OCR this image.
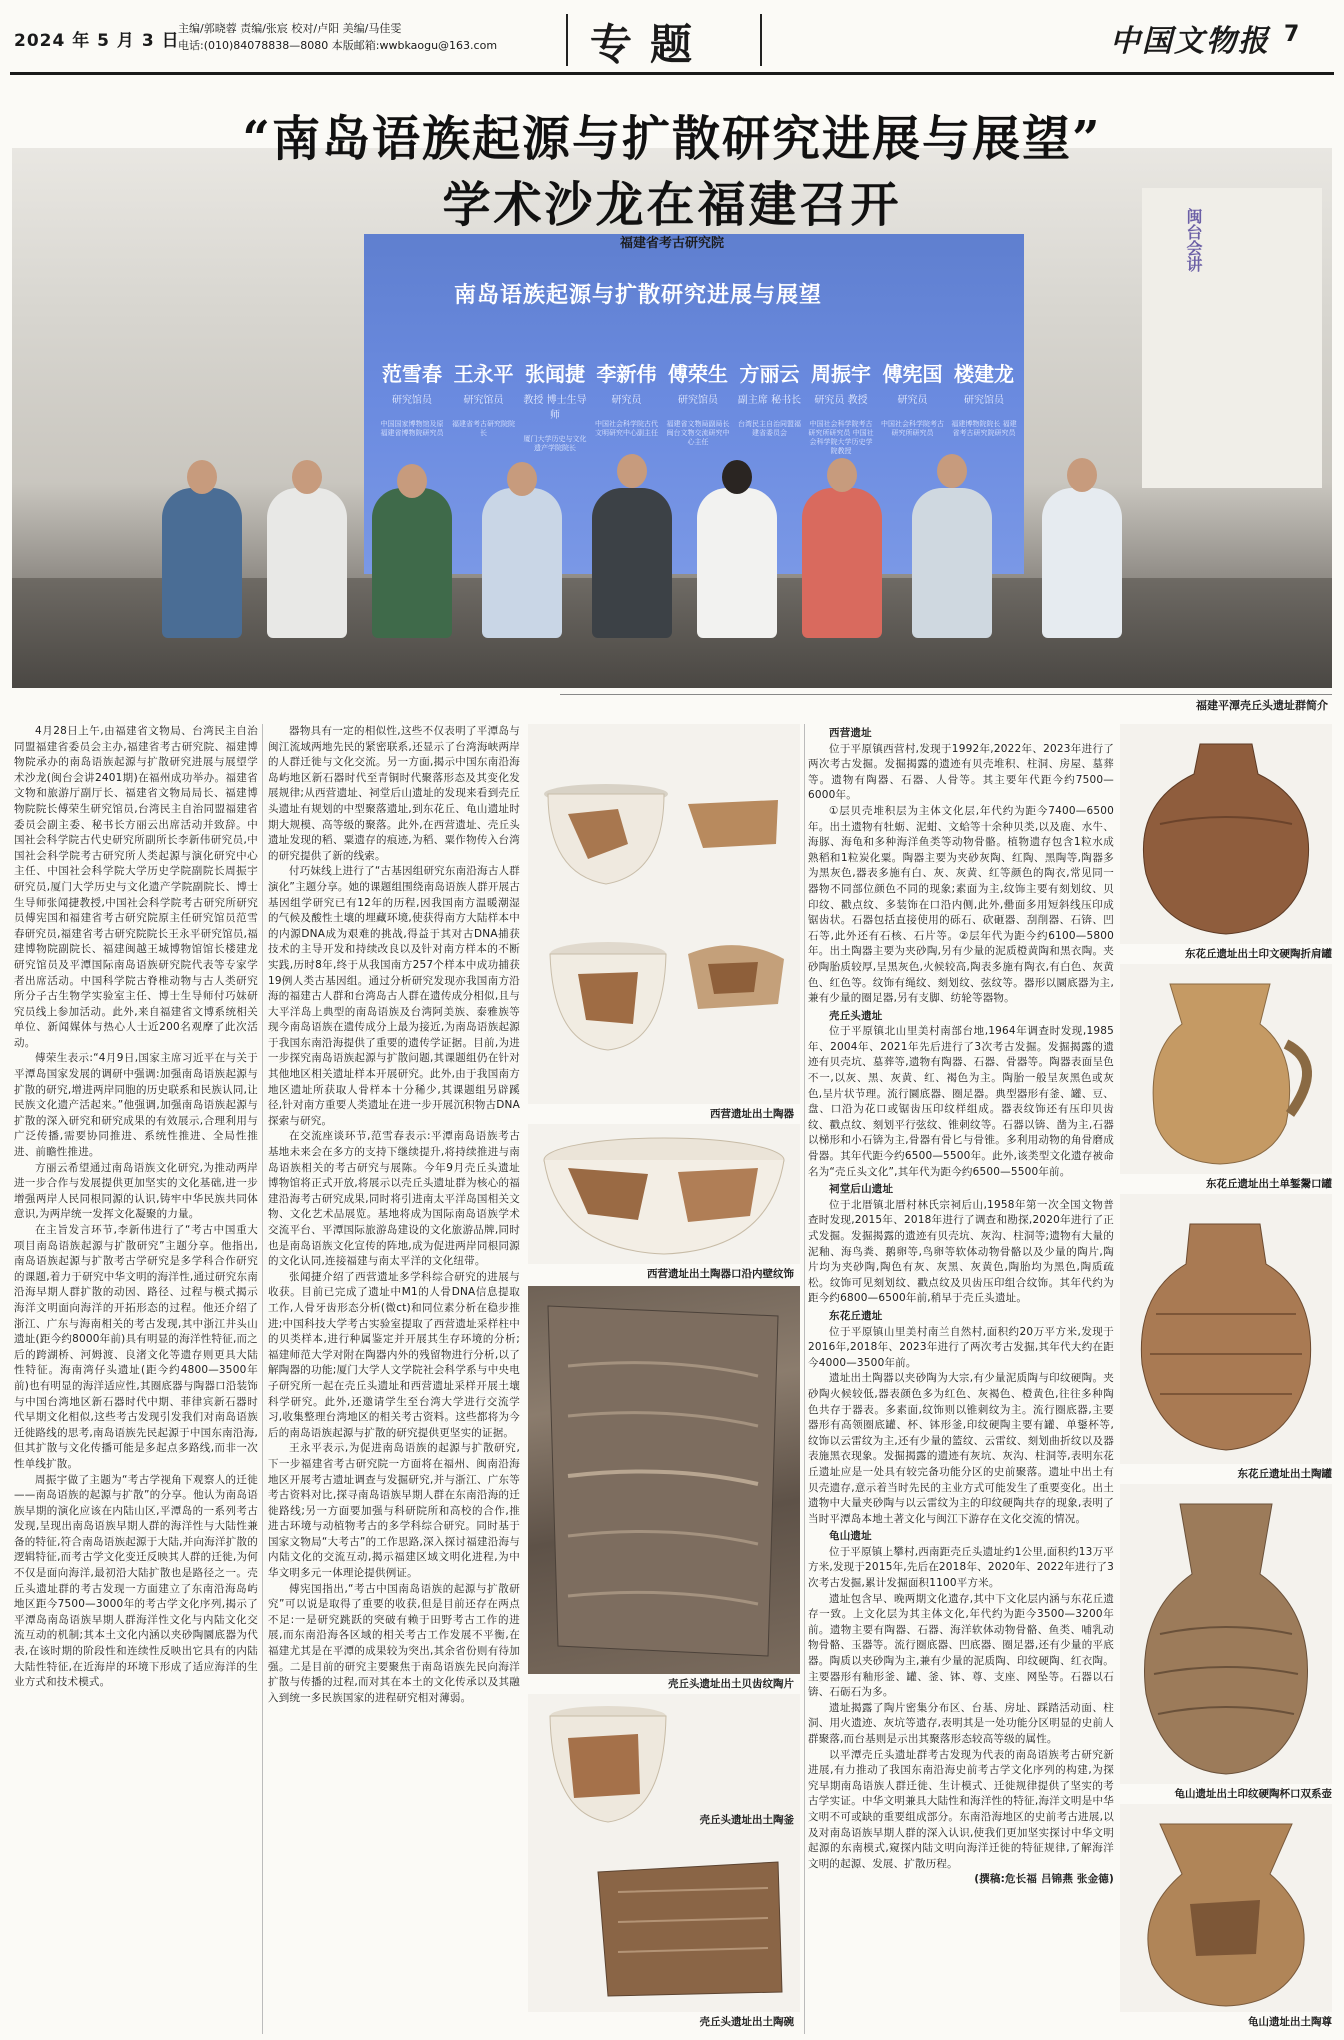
2024 年 5 月 3 日
主编/郭晓蓉 责编/张宸 校对/卢阳 美编/马佳雯
电话:(010)84078838—8080 本版邮箱:wwbkaogu@163.com	专题	中国文物报 7
南岛语族起源与扩散研究进展与展望
范雪春
研究馆员
中国国家博物馆及原福建省博物院研究员
王永平
研究馆员
福建省考古研究院院长
张闻捷
教授 博士生导师
厦门大学历史与文化遗产学院院长
李新伟
研究员
中国社会科学院古代文明研究中心副主任
傅荣生
研究馆员
福建省文物局副局长 闽台文物交流研究中心主任
方丽云
副主席 秘书长
台湾民主自治同盟福建省委员会
周振宇
研究员 教授
中国社会科学院考古研究所研究员 中国社会科学院大学历史学院教授
傅宪国
研究员
中国社会科学院考古研究所研究员
楼建龙
研究馆员
福建博物院院长 福建省考古研究院研究员
闽台会讲
“南岛语族起源与扩散研究进展与展望”
学术沙龙在福建召开
福建省考古研究院
福建平潭壳丘头遗址群简介

4月28日上午,由福建省文物局、台湾民主自治同盟福建省委员会主办,福建省考古研究院、福建博物院承办的南岛语族起源与扩散研究进展与展望学术沙龙(闽台会讲2401期)在福州成功举办。福建省文物和旅游厅副厅长、福建省文物局局长、福建博物院院长傅荣生研究馆员,台湾民主自治同盟福建省委员会副主委、秘书长方丽云出席活动并致辞。中国社会科学院古代史研究所副所长李新伟研究员,中国社会科学院考古研究所人类起源与演化研究中心主任、中国社会科学院大学历史学院副院长周振宇研究员,厦门大学历史与文化遗产学院副院长、博士生导师张闻捷教授,中国社会科学院考古研究所研究员傅宪国和福建省考古研究院原主任研究馆员范雪春研究员,福建省考古研究院院长王永平研究馆员,福建博物院副院长、福建闽越王城博物馆馆长楼建龙研究馆员及平潭国际南岛语族研究院代表等专家学者出席活动。中国科学院古脊椎动物与古人类研究所分子古生物学实验室主任、博士生导师付巧妹研究员线上参加活动。此外,来自福建省文博系统相关单位、新闻媒体与热心人士近200名观摩了此次活动。

傅荣生表示:“4月9日,国家主席习近平在与关于平潭岛国家发展的调研中强调:加强南岛语族起源与扩散的研究,增进两岸同胞的历史联系和民族认同,让民族文化遗产活起来。”他强调,加强南岛语族起源与扩散的深入研究和研究成果的有效展示,合理利用与广泛传播,需要协同推进、系统性推进、全局性推进、前瞻性推进。

方丽云希望通过南岛语族文化研究,为推动两岸进一步合作与发展提供更加坚实的文化基础,进一步增强两岸人民同根同源的认识,铸牢中华民族共同体意识,为两岸统一发挥文化凝聚的力量。

在主旨发言环节,李新伟进行了“考古中国重大项目南岛语族起源与扩散研究”主题分享。他指出,南岛语族起源与扩散考古学研究是多学科合作研究的课题,着力于研究中华文明的海洋性,通过研究东南沿海早期人群扩散的动因、路径、过程与模式揭示海洋文明面向海洋的开拓形态的过程。他还介绍了浙江、广东与海南相关的考古发现,其中浙江井头山遗址(距今约8000年前)具有明显的海洋性特征,而之后的跨湖桥、河姆渡、良渚文化等遗存则更具大陆性特征。海南湾仔头遗址(距今约4800—3500年前)也有明显的海洋适应性,其圈底器与陶器口沿装饰与中国台湾地区新石器时代中期、菲律宾新石器时代早期文化相似,这些考古发现引发我们对南岛语族迁徙路线的思考,南岛语族先民起源于中国东南沿海,但其扩散与文化传播可能是多起点多路线,而非一次性单线扩散。

周振宇做了主题为“考古学视角下观察人的迁徙——南岛语族的起源与扩散”的分享。他认为南岛语族早期的演化应该在内陆山区,平潭岛的一系列考古发现,呈现出南岛语族早期人群的海洋性与大陆性兼备的特征,符合南岛语族起源于大陆,并向海洋扩散的逻辑特征,而考古学文化变迁反映其人群的迁徙,为何不仅是面向海洋,最初沿大陆扩散也是路径之一。壳丘头遗址群的考古发现一方面建立了东南沿海岛屿地区距今7500—3000年的考古学文化序列,揭示了平潭岛南岛语族早期人群海洋性文化与内陆文化交流互动的机制;其本土文化内涵以夹砂陶圜底器为代表,在该时期的阶段性和连续性反映出它具有的内陆大陆性特征,在近海岸的环境下形成了适应海洋的生业方式和技术模式。

器物具有一定的相似性,这些不仅表明了平潭岛与闽江流域两地先民的紧密联系,还显示了台湾海峡两岸的人群迁徙与文化交流。另一方面,揭示中国东南沿海岛屿地区新石器时代至青铜时代聚落形态及其变化发展规律;从西营遗址、祠堂后山遗址的发现来看到壳丘头遗址有规划的中型聚落遗址,到东花丘、龟山遗址时期大规模、高等级的聚落。此外,在西营遗址、壳丘头遗址发现的稻、粟遗存的痕迹,为稻、粟作物传入台湾的研究提供了新的线索。

付巧妹线上进行了“古基因组研究东南沿海古人群演化”主题分享。她的课题组围绕南岛语族人群开展古基因组学研究已有12年的历程,因我国南方温暖潮湿的气候及酸性土壤的埋藏环境,使获得南方大陆样本中的内源DNA成为艰难的挑战,得益于其对古DNA捕获技术的主导开发和持续改良以及针对南方样本的不断实践,历时8年,终于从我国南方257个样本中成功捕获19例人类古基因组。通过分析研究发现亦我国南方沿海的福建古人群和台湾岛古人群在遗传成分相似,且与大平洋岛上典型的南岛语族及台湾阿美族、泰雅族等现今南岛语族在遗传成分上最为接近,为南岛语族起源于我国东南沿海提供了重要的遗传学证据。目前,为进一步探究南岛语族起源与扩散问题,其课题组仍在针对其他地区相关遗址样本开展研究。此外,由于我国南方地区遗址所获取人骨样本十分稀少,其课题组另辟蹊径,针对南方重要人类遗址在进一步开展沉积物古DNA探索与研究。

在交流座谈环节,范雪春表示:平潭南岛语族考古基地未来会在多方的支持下继续提升,将持续推进与南岛语族相关的考古研究与展陈。今年9月壳丘头遗址博物馆将正式开放,将展示以壳丘头遗址群为核心的福建沿海考古研究成果,同时将引进南太平洋岛国相关文物、文化艺术品展览。基地将成为国际南岛语族学术交流平台、平潭国际旅游岛建设的文化旅游品牌,同时也是南岛语族文化宣传的阵地,成为促进两岸同根同源的文化认同,连接福建与南太平洋的文化纽带。

张闻捷介绍了西营遗址多学科综合研究的进展与收获。目前已完成了遗址中M1的人骨DNA信息提取工作,人骨牙齿形态分析(微ct)和同位素分析在稳步推进;中国科技大学考古实验室提取了西营遗址采样柱中的贝类样本,进行种属鉴定并开展其生存环境的分析;福建师范大学对附在陶器内外的残留物进行分析,以了解陶器的功能;厦门大学人文学院社会科学系与中央电子研究所一起在壳丘头遗址和西营遗址采样开展土壤科学研究。此外,还邀请学生至台湾大学进行交流学习,收集整理台湾地区的相关考古资料。这些都将为今后的南岛语族起源与扩散的研究提供更坚实的证据。

王永平表示,为促进南岛语族的起源与扩散研究,下一步福建省考古研究院一方面将在福州、闽南沿海地区开展考古遗址调查与发掘研究,并与浙江、广东等考古资料对比,探寻南岛语族早期人群在东南沿海的迁徙路线;另一方面要加强与科研院所和高校的合作,推进古环境与动植物考古的多学科综合研究。同时基于国家文物局“大考古”的工作思路,深入探讨福建沿海与内陆文化的交流互动,揭示福建区域文明化进程,为中华文明多元一体理论提供例证。

傅宪国指出,“考古中国南岛语族的起源与扩散研究”可以说是取得了重要的收获,但是目前还存在两点不足:一是研究跳跃的突破有赖于田野考古工作的进展,而东南沿海各区域的相关考古工作发展不平衡,在福建尤其是在平潭的成果较为突出,其余省份则有待加强。二是目前的研究主要聚焦于南岛语族先民向海洋扩散与传播的过程,而对其在本土的文化传承以及其融入到统一多民族国家的进程研究相对薄弱。

西营遗址出土陶器
西营遗址出土陶器口沿内壁纹饰
壳丘头遗址出土贝齿纹陶片
壳丘头遗址出土陶釜
壳丘头遗址出土陶碗
西营遗址

位于平原镇西营村,发现于1992年,2022年、2023年进行了两次考古发掘。发掘揭露的遗迹有贝壳堆积、柱洞、房屋、墓葬等。遗物有陶器、石器、人骨等。其主要年代距今约7500—6000年。

①层贝壳堆积层为主体文化层,年代约为距今7400—6500年。出土遗物有牡蛎、泥蚶、文蛤等十余种贝类,以及鹿、水牛、海豚、海龟和多种海洋鱼类等动物骨骼。植物遗存包含1粒水成熟稻和1粒炭化粟。陶器主要为夹砂灰陶、红陶、黑陶等,陶器多为黑灰色,器表多施有白、灰、灰黄、红等颜色的陶衣,常见同一器物不同部位颜色不同的现象;素面为主,纹饰主要有刻划纹、贝印纹、戳点纹、多装饰在口沿内侧,此外,罍面多用短斜线压印成锯齿状。石器包括直接使用的砾石、砍砸器、刮削器、石锛、凹石等,此外还有石核、石片等。②层年代为距今约6100—5800年。出土陶器主要为夹砂陶,另有少量的泥质橙黄陶和黑衣陶。夹砂陶胎质较厚,呈黑灰色,火候较高,陶表多施有陶衣,有白色、灰黄色、红色等。纹饰有绳纹、刻划纹、弦纹等。器形以圜底器为主,兼有少量的圈足器,另有支脚、纺轮等器物。

壳丘头遗址

位于平原镇北山里美村南部台地,1964年调查时发现,1985年、2004年、2021年先后进行了3次考古发掘。发掘揭露的遗迹有贝壳坑、墓葬等,遗物有陶器、石器、骨器等。陶器表面呈色不一,以灰、黑、灰黄、红、褐色为主。陶胎一般呈灰黑色或灰色,呈片状节理。流行圜底器、圈足器。典型器形有釜、罐、豆、盘、口沿为花口或锯齿压印纹样组成。器表纹饰还有压印贝齿纹、戳点纹、刻划平行弦纹、锥刺纹等。石器以锛、凿为主,石器以梯形和小石锛为主,骨器有骨匕与骨锥。多利用动物的角骨磨成骨器。其年代距今约6500—5500年。此外,该类型文化遗存被命名为“壳丘头文化”,其年代为距今约6500—5500年前。

祠堂后山遗址

位于北厝镇北厝村林氏宗祠后山,1958年第一次全国文物普查时发现,2015年、2018年进行了调查和勘探,2020年进行了正式发掘。发掘揭露的遗迹有贝壳坑、灰沟、柱洞等;遗物有大量的泥釉、海鸟粪、鹅卵等,鸟卵等软体动物骨骼以及少量的陶片,陶片均为夹砂陶,陶色有灰、灰黑、灰黄色,陶胎均为黑色,陶质疏松。纹饰可见刻划纹、戳点纹及贝齿压印组合纹饰。其年代约为距今约6800—6500年前,稍早于壳丘头遗址。

东花丘遗址

位于平原镇山里美村南兰自然村,面积约20万平方米,发现于2016年,2018年、2023年进行了两次考古发掘,其年代大约在距今4000—3500年前。

遗址出土陶器以夹砂陶为大宗,有少量泥质陶与印纹硬陶。夹砂陶火候较低,器表颜色多为红色、灰褐色、橙黄色,往往多种陶色共存于器表。多素面,纹饰则以锥刺纹为主。流行圈底器,主要器形有高领圈底罐、杯、钵形釜,印纹硬陶主要有罐、单鋬杯等,纹饰以云雷纹为主,还有少量的篮纹、云雷纹、刻划曲折纹以及器表施黑衣现象。发掘揭露的遗迹有灰坑、灰沟、柱洞等,表明东花丘遗址应是一处具有较完备功能分区的史前聚落。遗址中出土有贝壳遗存,意示着当时先民的主业方式可能发生了重要变化。出土遗物中大量夹砂陶与以云雷纹为主的印纹硬陶共存的现象,表明了当时平潭岛本地土著文化与闽江下游存在文化交流的情况。

龟山遗址

位于平原镇上攀村,西南距壳丘头遗址约1公里,面积约13万平方米,发现于2015年,先后在2018年、2020年、2022年进行了3次考古发掘,累计发掘面积1100平方米。

遗址包含早、晚两期文化遗存,其中下文化层内涵与东花丘遗存一致。上文化层为其主体文化,年代约为距今3500—3200年前。遗物主要有陶器、石器、海洋软体动物骨骼、鱼类、哺乳动物骨骼、玉器等。流行圈底器、凹底器、圈足器,还有少量的平底器。陶质以夹砂陶为主,兼有少量的泥质陶、印纹硬陶、红衣陶。主要器形有釉形釜、罐、釜、钵、尊、支座、网坠等。石器以石锛、石砺石为多。

遗址揭露了陶片密集分布区、台基、房址、踩踏活动面、柱洞、用火遗迹、灰坑等遗存,表明其是一处功能分区明显的史前人群聚落,而台基则是示出其聚落形态较高等级的属性。

以平潭壳丘头遗址群考古发现为代表的南岛语族考古研究新进展,有力推动了我国东南沿海史前考古学文化序列的构建,为探究早期南岛语族人群迁徙、生计模式、迁徙规律提供了坚实的考古学实证。中华文明兼具大陆性和海洋性的特征,海洋文明是中华文明不可或缺的重要组成部分。东南沿海地区的史前考古进展,以及对南岛语族早期人群的深入认识,使我们更加坚实探讨中华文明起源的东南模式,窥探内陆文明向海洋迁徙的特征规律,了解海洋文明的起源、发展、扩散历程。

(撰稿:危长福 吕锦燕 张金德)
东花丘遗址出土印文硬陶折肩罐
东花丘遗址出土单錾鬶口罐
东花丘遗址出土陶罐
龟山遗址出土印纹硬陶杯口双系壶
龟山遗址出土陶尊
